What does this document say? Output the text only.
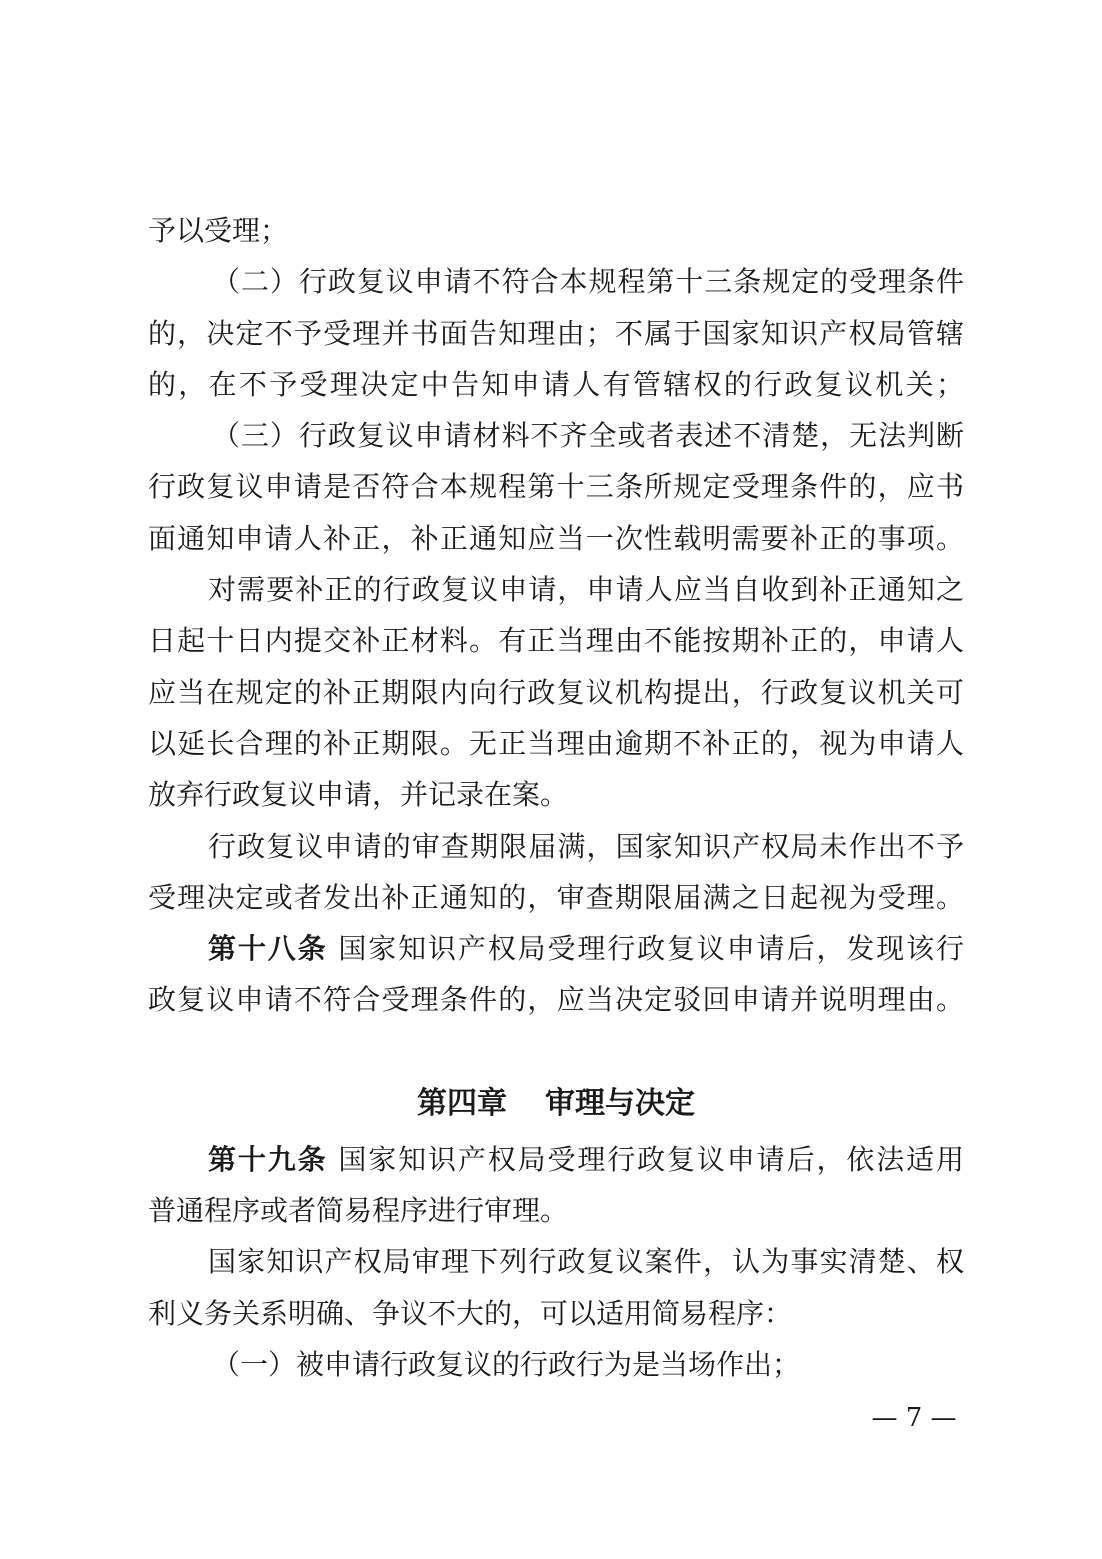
予以受理；
（二）行政复议申请不符合本规程第十三条规定的受理条件
的，决定不予受理并书面告知理由；不属于国家知识产权局管辖
的，在不予受理决定中告知申请人有管辖权的行政复议机关；
（三）行政复议申请材料不齐全或者表述不清楚，无法判断
行政复议申请是否符合本规程第十三条所规定受理条件的，应书
面通知申请人补正，补正通知应当一次性载明需要补正的事项。
对需要补正的行政复议申请，申请人应当自收到补正通知之
日起十日内提交补正材料。有正当理由不能按期补正的，申请人
应当在规定的补正期限内向行政复议机构提出，行政复议机关可
以延长合理的补正期限。无正当理由逾期不补正的，视为申请人
放弃行政复议申请，并记录在案。
行政复议申请的审查期限届满，国家知识产权局未作出不予
受理决定或者发出补正通知的，审查期限届满之日起视为受理。
第十八条 国家知识产权局受理行政复议申请后，发现该行
政复议申请不符合受理条件的，应当决定驳回申请并说明理由。
第四章 审理与决定
第十九条 国家知识产权局受理行政复议申请后，依法适用
普通程序或者简易程序进行审理。
国家知识产权局审理下列行政复议案件，认为事实清楚、权
利义务关系明确、争议不大的，可以适用简易程序：
（一）被申请行政复议的行政行为是当场作出；
— 7 —
